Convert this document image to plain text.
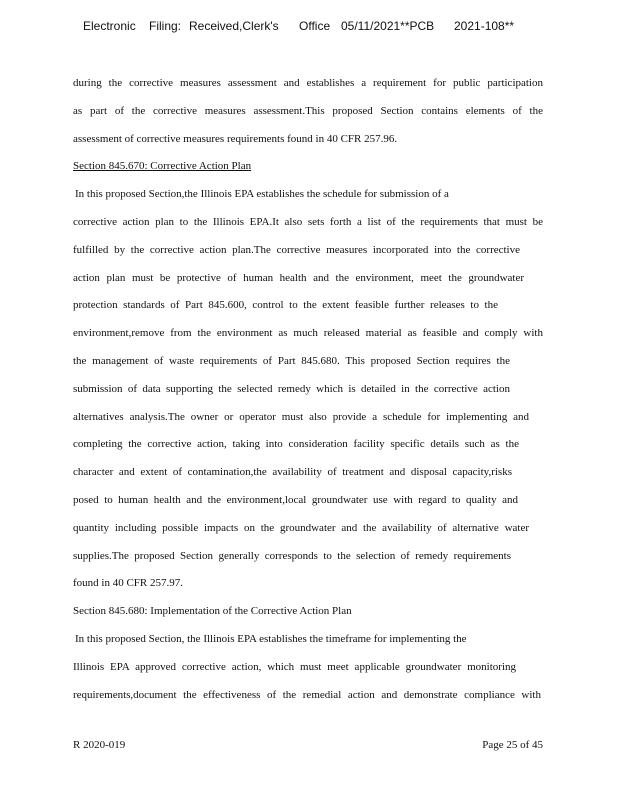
Electronic Filing: Received,Clerk's Office 05/11/2021**PCB 2021-108**
during the corrective measures assessment and establishes a requirement for public participation
as part of the corrective measures assessment.This proposed Section contains elements of the
assessment of corrective measures requirements found in 40 CFR 257.96.
Section 845.670: Corrective Action Plan
In this proposed Section,the Illinois EPA establishes the schedule for submission of a
corrective action plan to the Illinois EPA.It also sets forth a list of the requirements that must be
fulfilled by the corrective action plan.The corrective measures incorporated into the corrective
action plan must be protective of human health and the environment, meet the groundwater
protection standards of Part 845.600, control to the extent feasible further releases to the
environment,remove from the environment as much released material as feasible and comply with
the management of waste requirements of Part 845.680. This proposed Section requires the
submission of data supporting the selected remedy which is detailed in the corrective action
alternatives analysis.The owner or operator must also provide a schedule for implementing and
completing the corrective action, taking into consideration facility specific details such as the
character and extent of contamination,the availability of treatment and disposal capacity,risks
posed to human health and the environment,local groundwater use with regard to quality and
quantity including possible impacts on the groundwater and the availability of alternative water
supplies.The proposed Section generally corresponds to the selection of remedy requirements
found in 40 CFR 257.97.
Section 845.680: Implementation of the Corrective Action Plan
In this proposed Section, the Illinois EPA establishes the timeframe for implementing the
Illinois EPA approved corrective action, which must meet applicable groundwater monitoring
requirements,document the effectiveness of the remedial action and demonstrate compliance with
R 2020-019	Page 25 of 45
